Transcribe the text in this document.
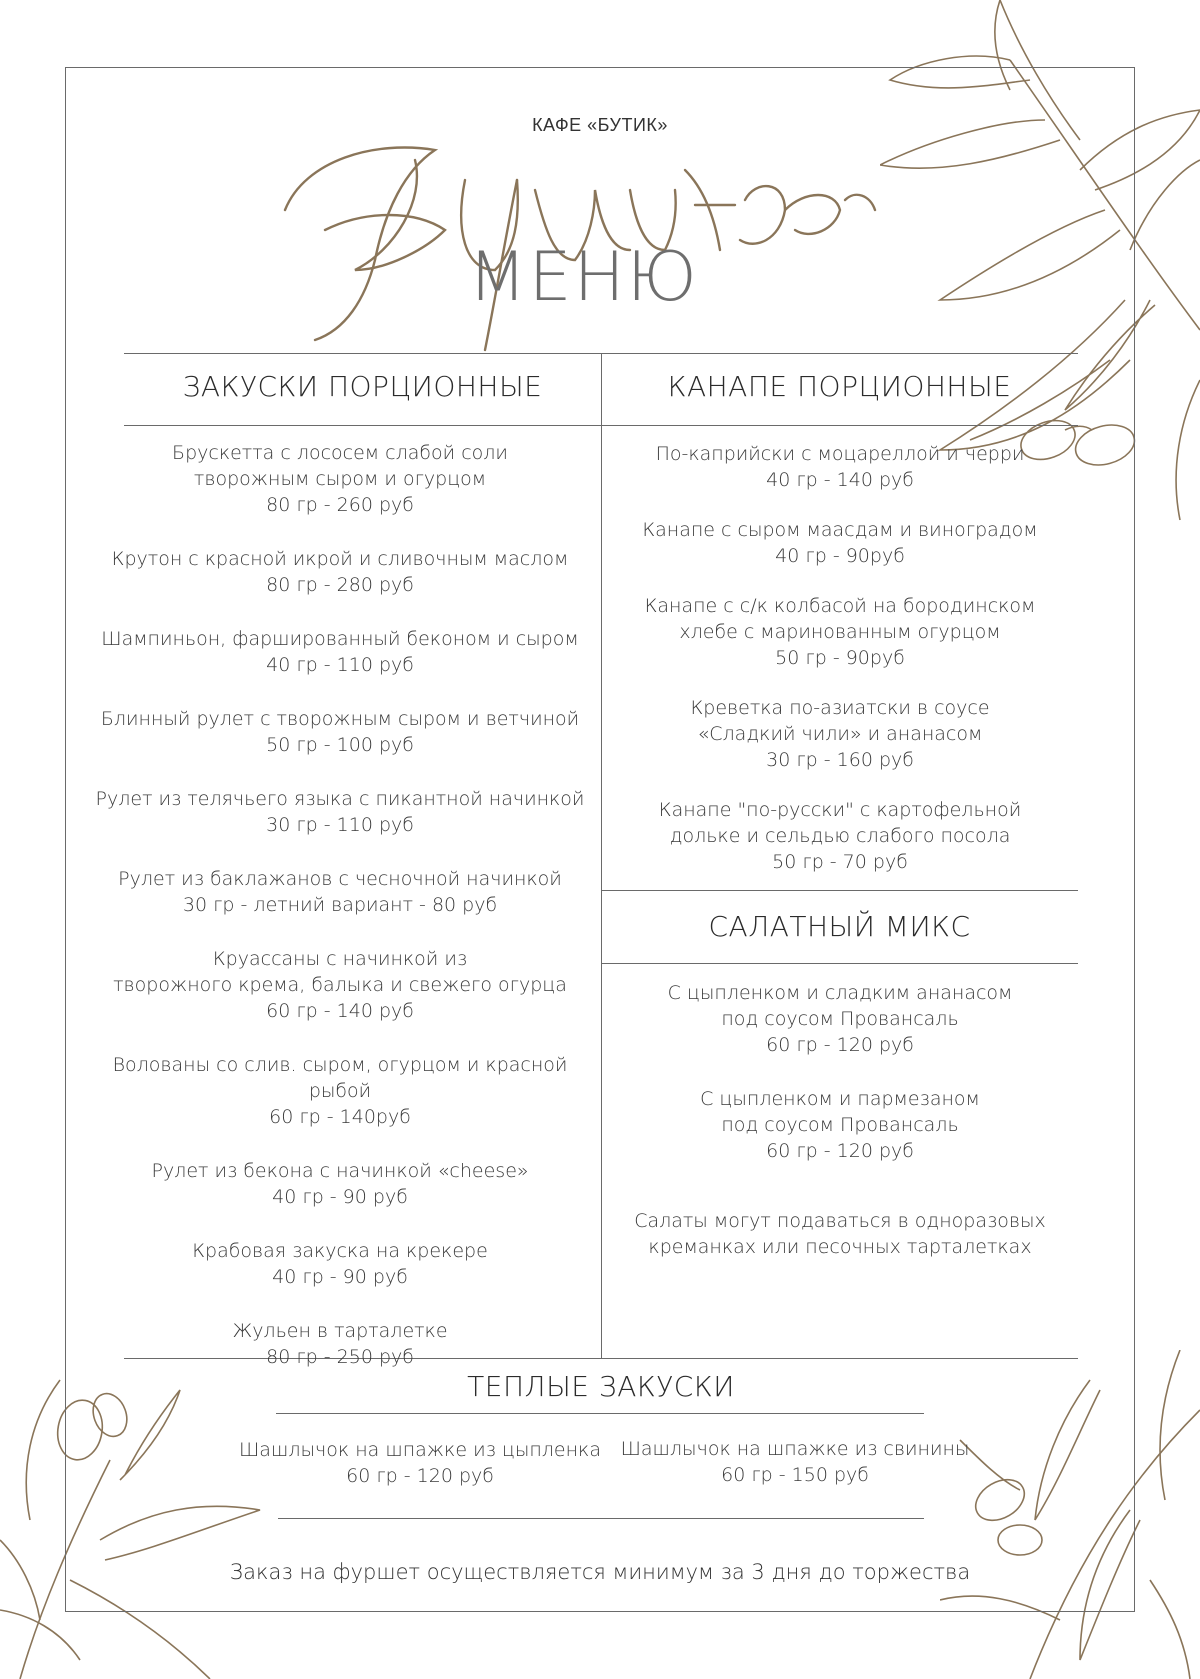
КАФЕ «БУТИК»
Фуршетное
МЕНЮ
ЗАКУСКИ ПОРЦИОННЫЕ	КАНАПЕ ПОРЦИОННЫЕ
САЛАТНЫЙ МИКС
ТЕПЛЫЕ ЗАКУСКИ
Брускетта с лососем слабой соли
творожным сыром и огурцом
80 гр - 260 руб
Крутон с красной икрой и сливочным маслом
80 гр - 280 руб
Шампиньон, фаршированный беконом и сыром
40 гр - 110 руб
Блинный рулет с творожным сыром и ветчиной
50 гр - 100 руб
Рулет из телячьего языка с пикантной начинкой
30 гр - 110 руб
Рулет из баклажанов с чесночной начинкой
30 гр - летний вариант - 80 руб
Круассаны с начинкой из
творожного крема, балыка и свежего огурца
60 гр - 140 руб
Волованы со слив. сыром, огурцом и красной рыбой
60 гр - 140руб
Рулет из бекона с начинкой «cheese»
40 гр - 90 руб
Крабовая закуска на крекере
40 гр - 90 руб
Жульен в тарталетке
80 гр - 250 руб
По-каприйски с моцареллой и черри
40 гр - 140 руб
Канапе с сыром маасдам и виноградом
40 гр - 90руб
Канапе с с/к колбасой на бородинском
хлебе с маринованным огурцом
50 гр - 90руб
Креветка по-азиатски в соусе
«Сладкий чили» и ананасом
30 гр - 160 руб
Канапе "по-русски" с картофельной
долькe и сельдью слабого посола
50 гр - 70 руб
С цыпленком и сладким ананасом
под соусом Провансаль
60 гр - 120 руб
С цыпленком и пармезаном
под соусом Провансаль
60 гр - 120 руб
Салаты могут подаваться в одноразовых
креманках или песочных тарталетках
Шашлычок на шпажке из цыпленка
60 гр - 120 руб
Шашлычок на шпажке из свинины
60 гр - 150 руб
Заказ на фуршет осуществляется минимум за 3 дня до торжества
